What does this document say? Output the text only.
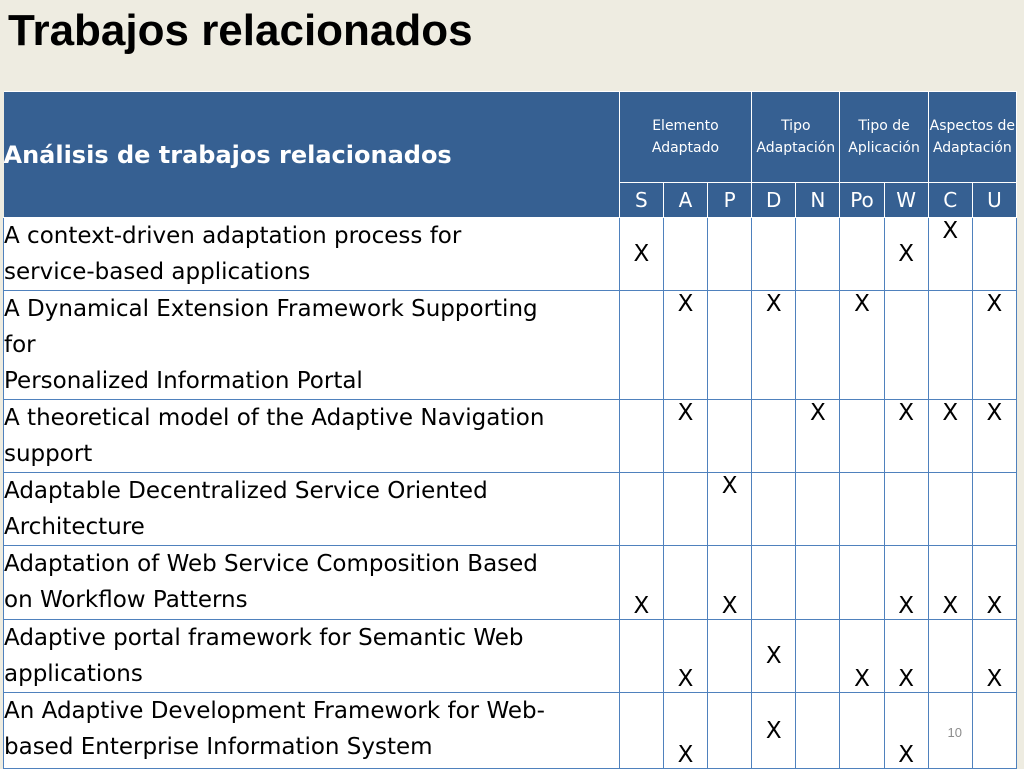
Trabajos relacionados
Análisis de trabajos relacionados	Elemento Adaptado			Tipo Adaptación		Tipo de Aplicación		Aspectos de Adaptación	
	S	A	P	D	N	Po	W	C	U

A context-driven adaptation process for
service-based applications	X						X	X	

A Dynamical Extension Framework Supporting
for
Personalized Information Portal		X		X		X			X

A theoretical model of the Adaptive Navigation
support		X			X		X	X	X

Adaptable Decentralized Service Oriented
Architecture			X						

Adaptation of Web Service Composition Based
on Workflow Patterns	X		X				X	X	X

Adaptive portal framework for Semantic Web
applications		X		X		X	X		X

An Adaptive Development Framework for Web-
based Enterprise Information System		X		X			X		
10
